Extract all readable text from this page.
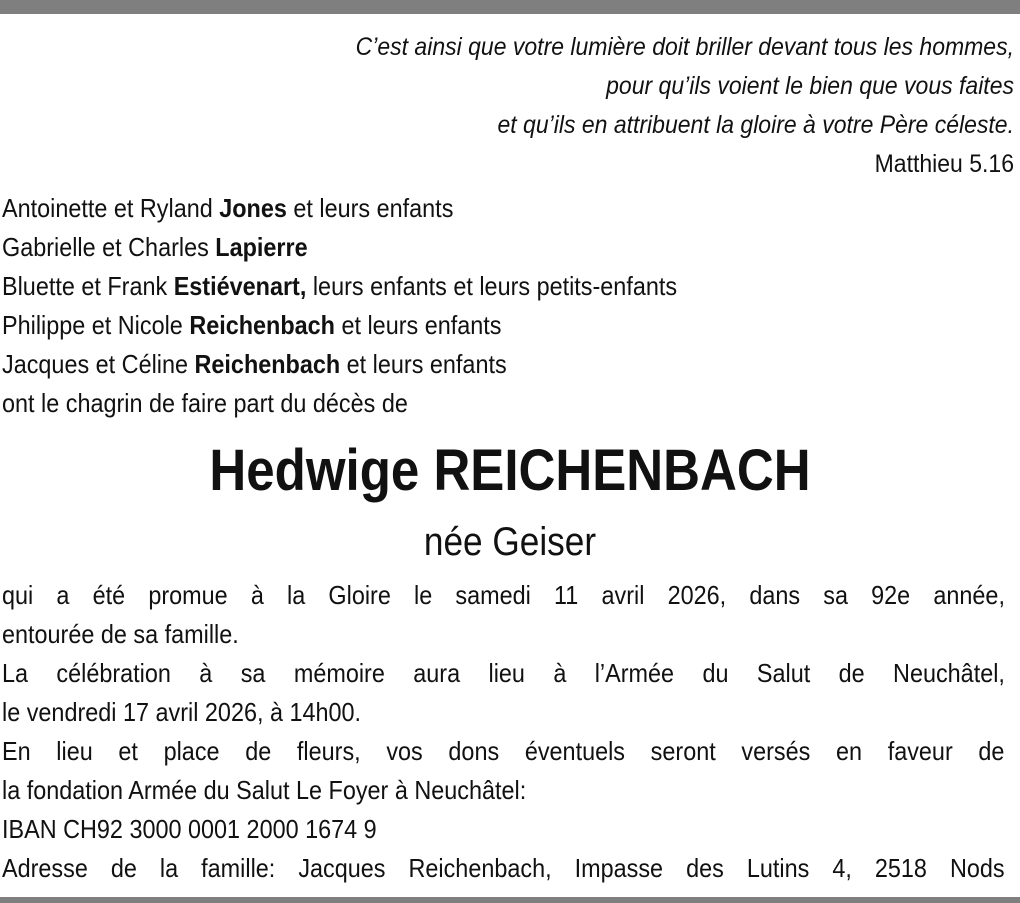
C’est ainsi que votre lumière doit briller devant tous les hommes,
pour qu’ils voient le bien que vous faites
et qu’ils en attribuent la gloire à votre Père céleste.
Matthieu 5.16
Antoinette et Ryland Jones et leurs enfants
Gabrielle et Charles Lapierre
Bluette et Frank Estiévenart, leurs enfants et leurs petits-enfants
Philippe et Nicole Reichenbach et leurs enfants
Jacques et Céline Reichenbach et leurs enfants
ont le chagrin de faire part du décès de
Hedwige REICHENBACH
née Geiser
qui a été promue à la Gloire le samedi 11 avril 2026, dans sa 92e année,
entourée de sa famille.
La célébration à sa mémoire aura lieu à l’Armée du Salut de Neuchâtel,
le vendredi 17 avril 2026, à 14h00.
En lieu et place de fleurs, vos dons éventuels seront versés en faveur de
la fondation Armée du Salut Le Foyer à Neuchâtel:
IBAN CH92 3000 0001 2000 1674 9
Adresse de la famille: Jacques Reichenbach, Impasse des Lutins 4, 2518 Nods
